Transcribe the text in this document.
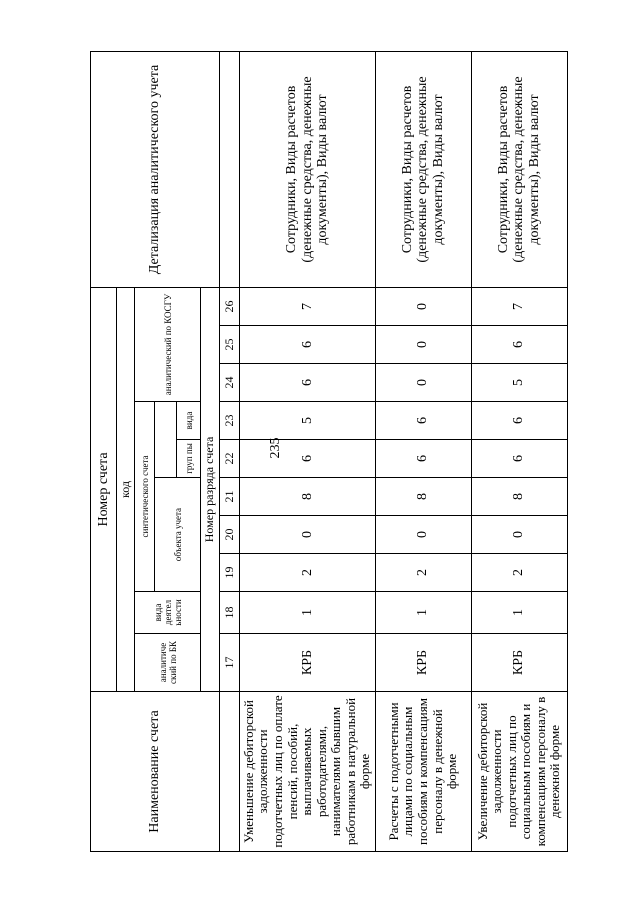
235
Наименование счета	Номер счета										Детализация аналитического учета
	код										
	аналитиче ский по БК	вида деятел ьности	синтетического счета					аналитический по КОСГУ			
			объекта учета								
						груп пы	вида				
	Номер разряда счета										
	17	18	19	20	21	22	23	24	25	26	
Уменьшение дебиторской задолженности подотчетных лиц по оплате пенсий, пособий, выплачиваемых работодателями, нанимателями бывшим работникам в натуральной форме	КРБ	1	2	0	8	6	5	6	6	7	Сотрудники, Виды расчетов (денежные средства, денежные документы), Виды валют
Расчеты с подотчетными лицами по социальным пособиям и компенсациям персоналу в денежной форме	КРБ	1	2	0	8	6	6	0	0	0	Сотрудники, Виды расчетов (денежные средства, денежные документы), Виды валют
Увеличение дебиторской задолженности подотчетных лиц по социальным пособиям и компенсациям персоналу в денежной форме	КРБ	1	2	0	8	6	6	5	6	7	Сотрудники, Виды расчетов (денежные средства, денежные документы), Виды валют
